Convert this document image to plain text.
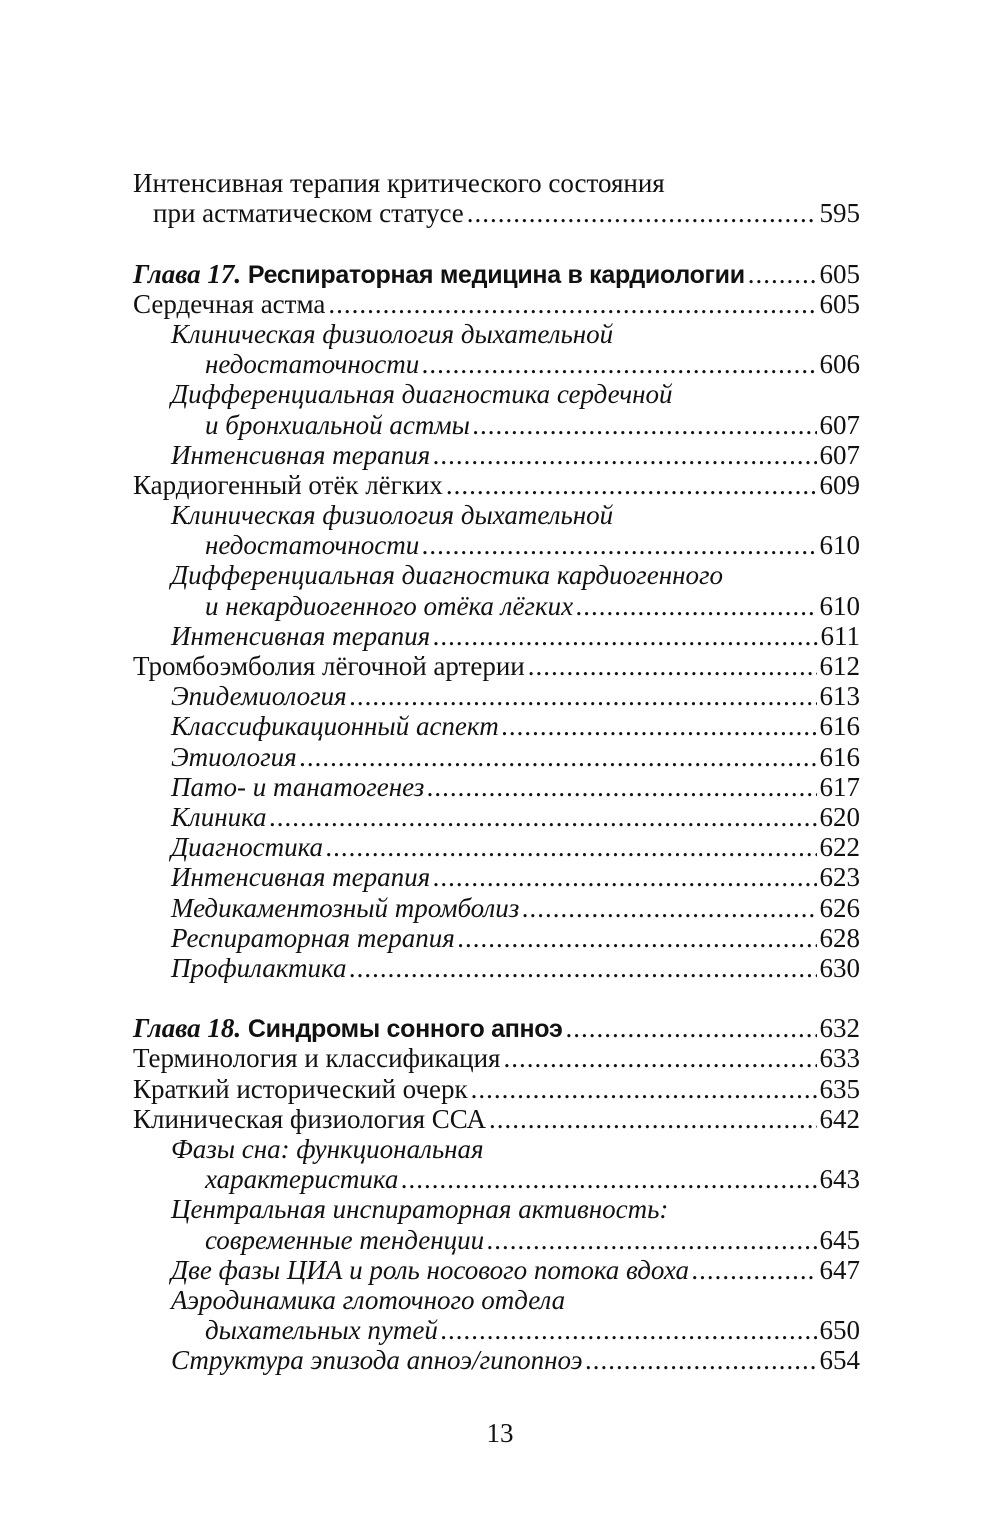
Интенсивная терапия критического состояния
при астматическом статусе .....	595
Глава 17.
Респираторная медицина в кардиологии .....	605
Сердечная астма .....	605
Клиническая физиология дыхательной
недостаточности .....	606
Дифференциальная диагностика сердечной
и бронхиальной астмы .....	607
Интенсивная терапия .....	607
Кардиогенный отёк лёгких .....	609
Клиническая физиология дыхательной
недостаточности .....	610
Дифференциальная диагностика кардиогенного
и некардиогенного отёка лёгких .....	610
Интенсивная терапия .....	611
Тромбоэмболия лёгочной артерии .....	612
Эпидемиология .....	613
Классификационный аспект .....	616
Этиология .....	616
Пато- и танатогенез .....	617
Клиника .....	620
Диагностика .....	622
Интенсивная терапия .....	623
Медикаментозный тромболиз .....	626
Респираторная терапия .....	628
Профилактика .....	630
Глава 18.
Синдромы сонного апноэ .....	632
Терминология и классификация .....	633
Краткий исторический очерк .....	635
Клиническая физиология ССА .....	642
Фазы сна: функциональная
характеристика .....	643
Центральная инспираторная активность:
современные тенденции .....	645
Две фазы ЦИА и роль носового потока вдоха .....	647
Аэродинамика глоточного отдела
дыхательных путей .....	650
Структура эпизода апноэ/гипопноэ .....	654
13
